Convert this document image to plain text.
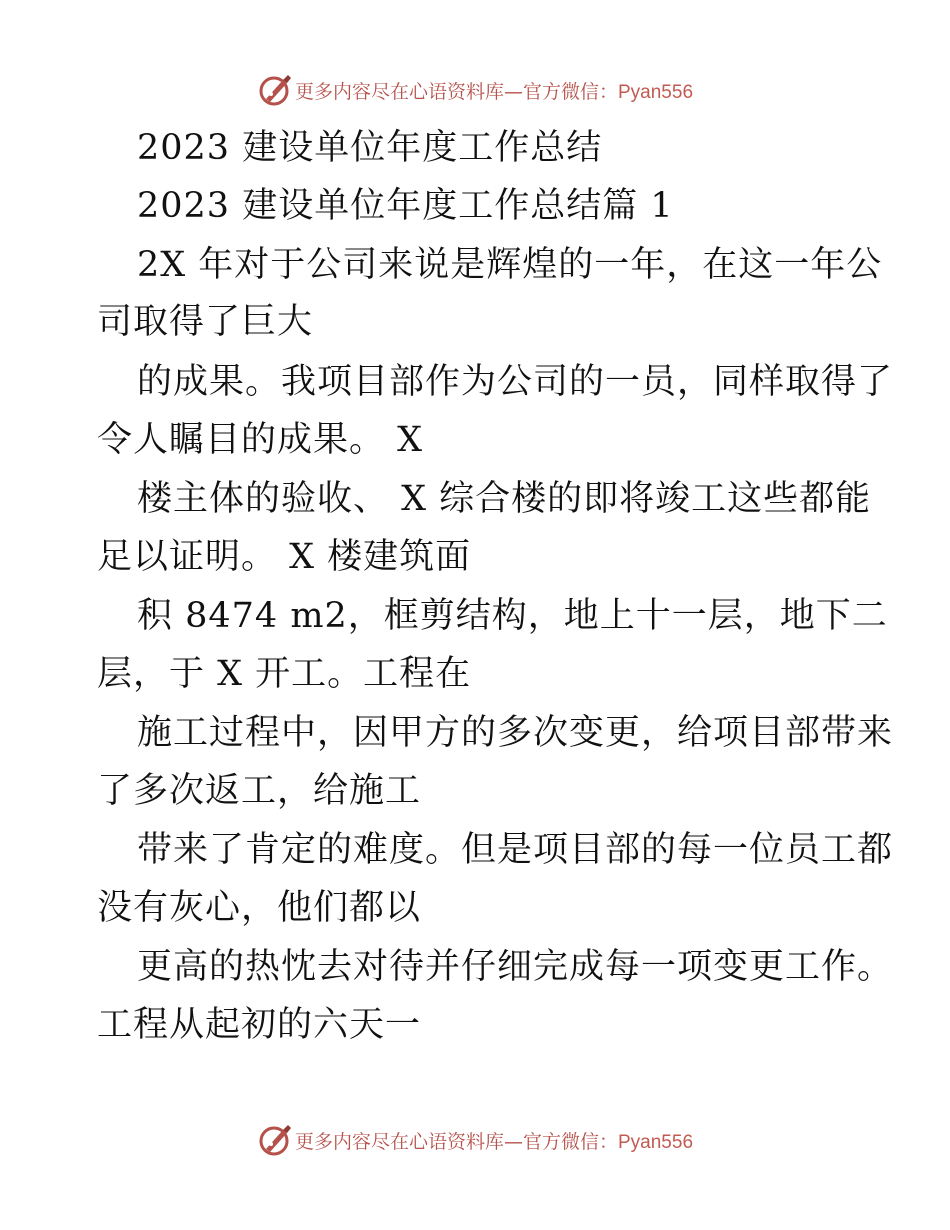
更多内容尽在心语资料库—官方微信：Pyan556
2023 建设单位年度工作总结
2023 建设单位年度工作总结篇 1
2X 年对于公司来说是辉煌的一年，在这一年公
司取得了巨大
的成果。我项目部作为公司的一员，同样取得了
令人瞩目的成果。 X
楼主体的验收、 X 综合楼的即将竣工这些都能
足以证明。 X 楼建筑面
积 8474 m2，框剪结构，地上十一层，地下二
层，于 X 开工。工程在
施工过程中，因甲方的多次变更，给项目部带来
了多次返工，给施工
带来了肯定的难度。但是项目部的每一位员工都
没有灰心，他们都以
更高的热忱去对待并仔细完成每一项变更工作。
工程从起初的六天一
更多内容尽在心语资料库—官方微信：Pyan556
